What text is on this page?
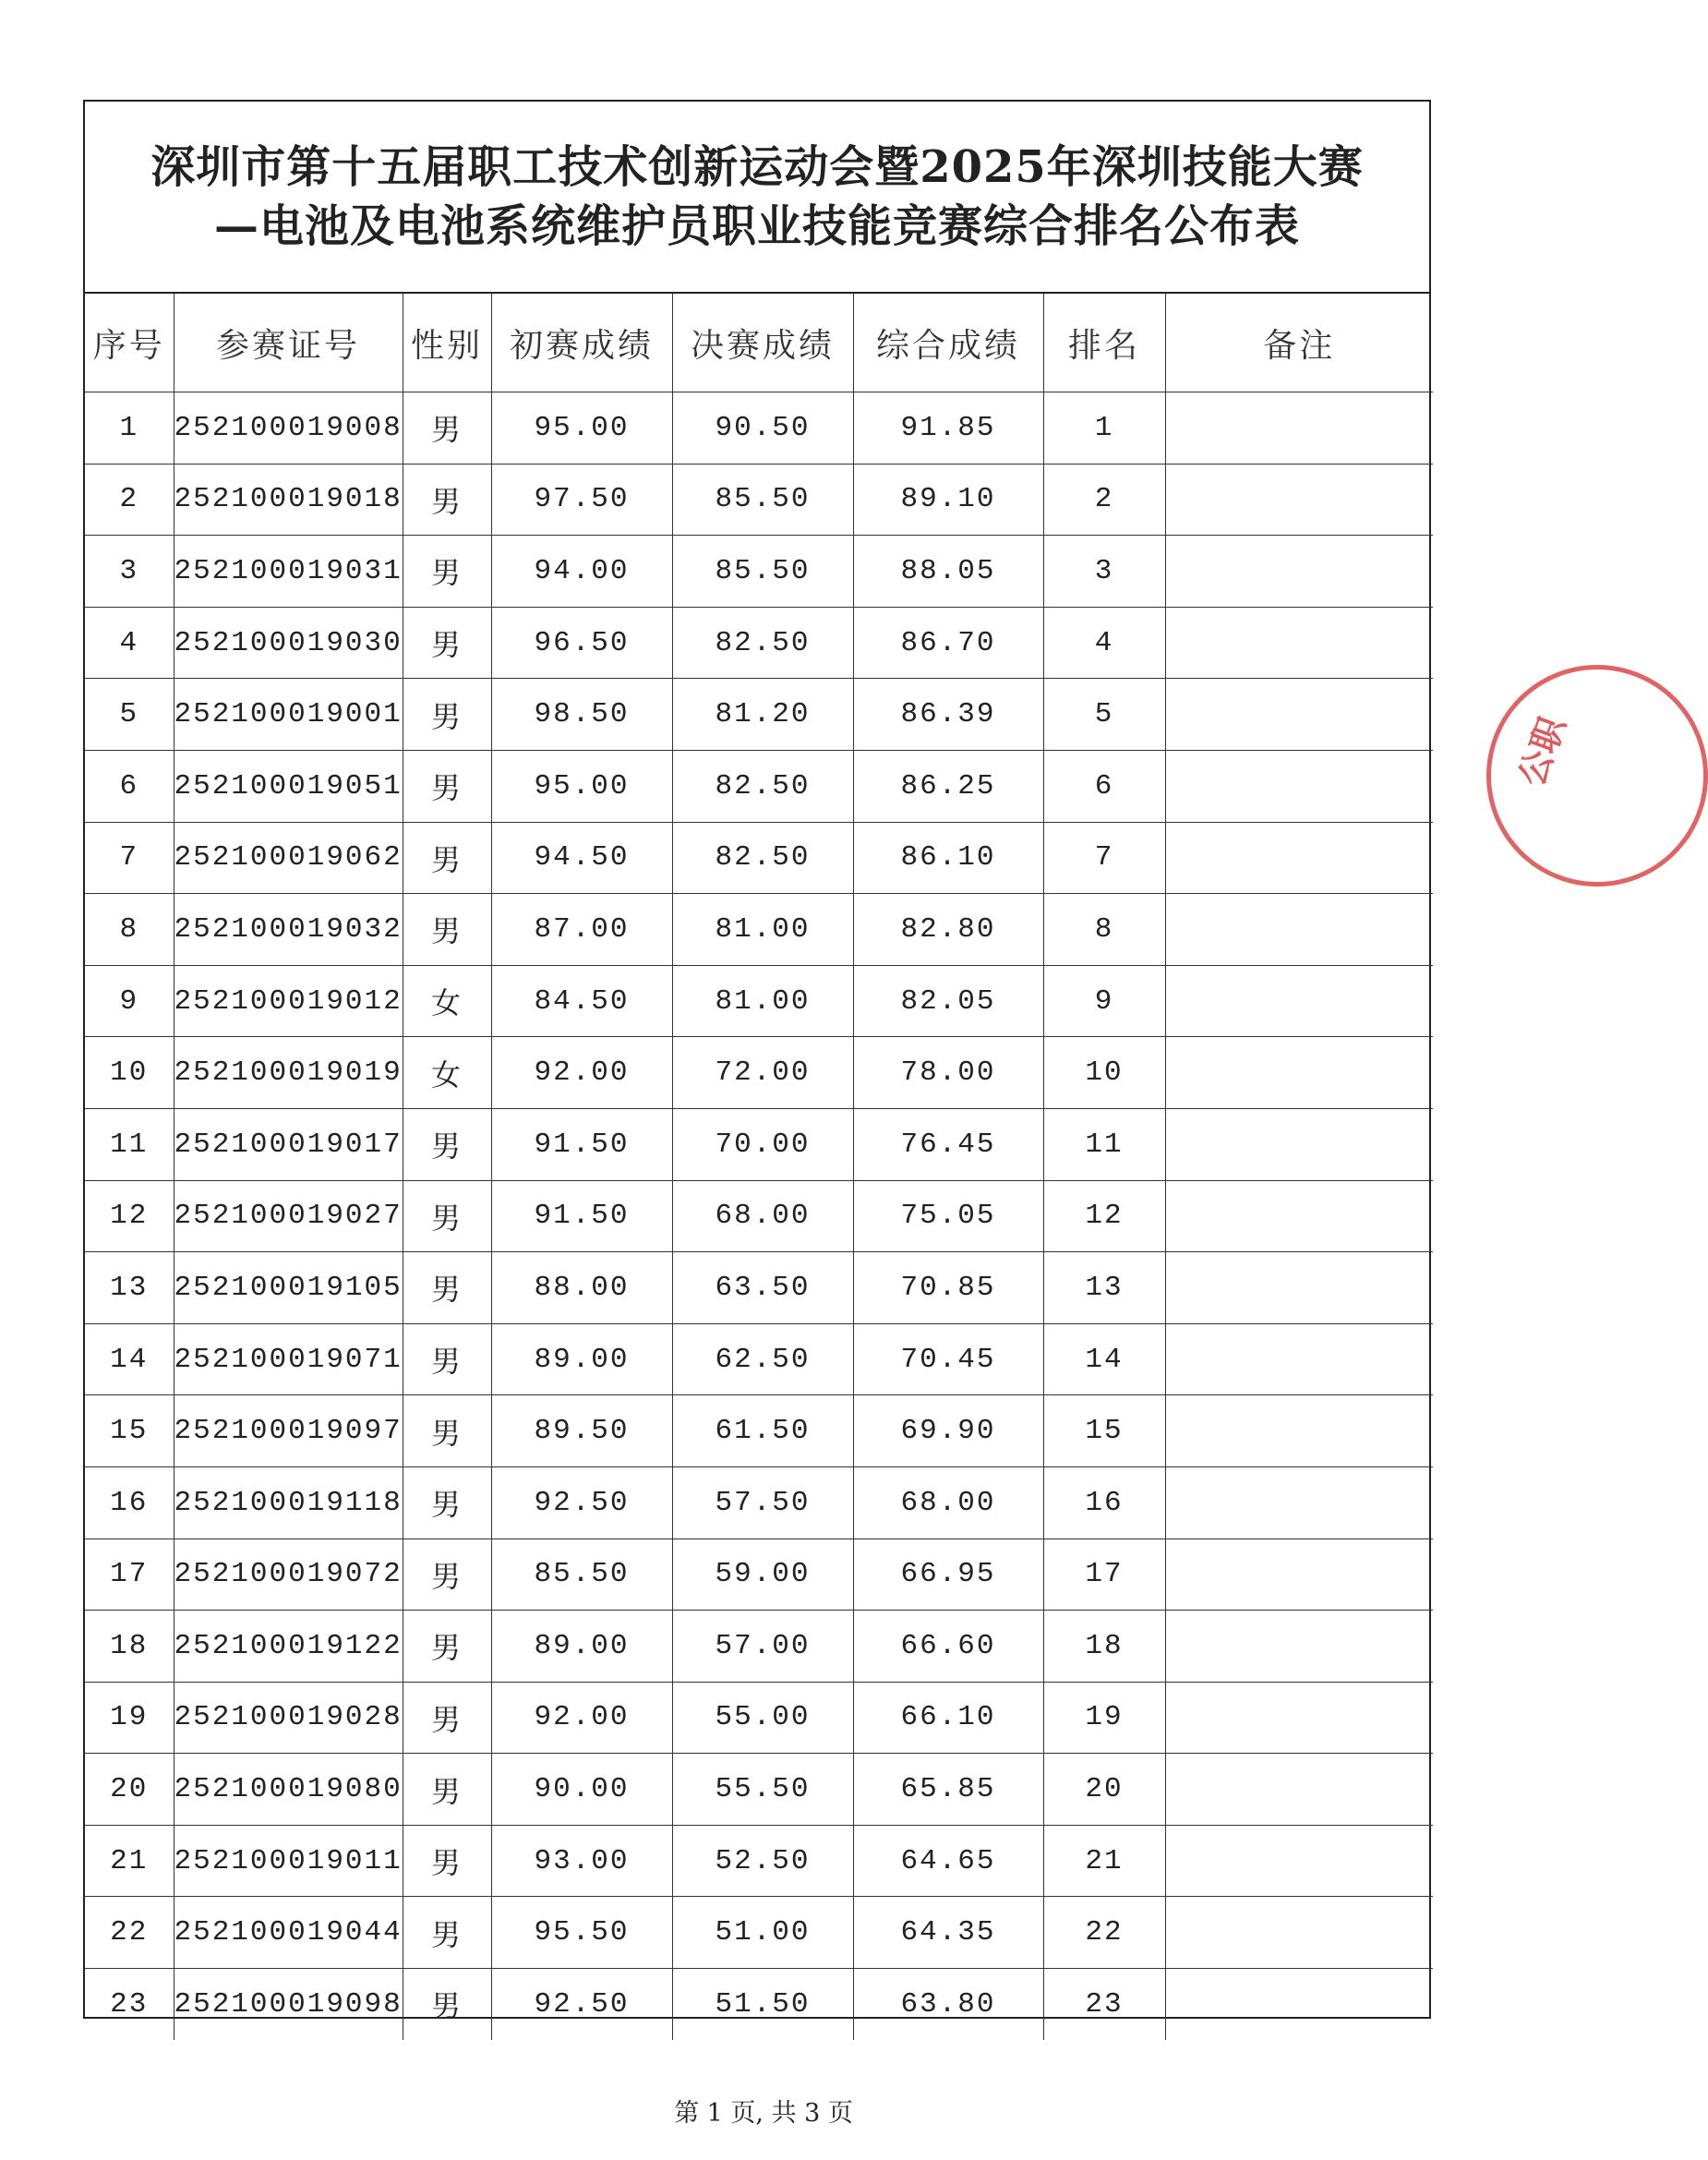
深圳市第十五届职工技术创新运动会暨2025年深圳技能大赛
—电池及电池系统维护员职业技能竞赛综合排名公布表
序号	参赛证号	性别	初赛成绩	决赛成绩	综合成绩	排名	备注
1	252100019008	男	95.00	90.50	91.85	1	
2	252100019018	男	97.50	85.50	89.10	2	
3	252100019031	男	94.00	85.50	88.05	3	
4	252100019030	男	96.50	82.50	86.70	4	
5	252100019001	男	98.50	81.20	86.39	5	
6	252100019051	男	95.00	82.50	86.25	6	
7	252100019062	男	94.50	82.50	86.10	7	
8	252100019032	男	87.00	81.00	82.80	8	
9	252100019012	女	84.50	81.00	82.05	9	
10	252100019019	女	92.00	72.00	78.00	10	
11	252100019017	男	91.50	70.00	76.45	11	
12	252100019027	男	91.50	68.00	75.05	12	
13	252100019105	男	88.00	63.50	70.85	13	
14	252100019071	男	89.00	62.50	70.45	14	
15	252100019097	男	89.50	61.50	69.90	15	
16	252100019118	男	92.50	57.50	68.00	16	
17	252100019072	男	85.50	59.00	66.95	17	
18	252100019122	男	89.00	57.00	66.60	18	
19	252100019028	男	92.00	55.00	66.10	19	
20	252100019080	男	90.00	55.50	65.85	20	
21	252100019011	男	93.00	52.50	64.65	21	
22	252100019044	男	95.50	51.00	64.35	22	
23	252100019098	男	92.50	51.50	63.80	23	
公职
第 1 页, 共 3 页
